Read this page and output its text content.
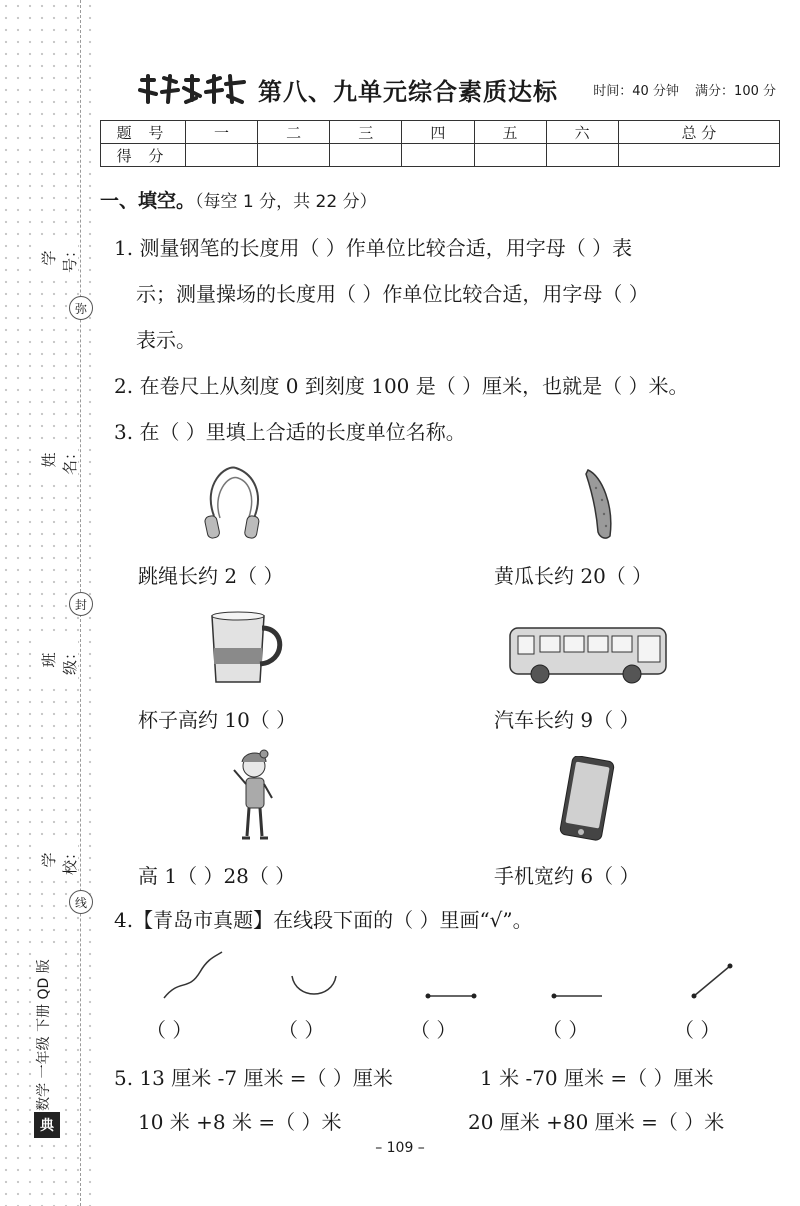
学号：
姓名：
班级：
学校：
弥
封
线
数学 一年级 下册 QD 版
典
第八、九单元综合素质达标	时间：40 分钟 满分：100 分
题 号	一	二	三	四	五	六	总 分
得 分							
一、填空。（每空 1 分，共 22 分）
1. 测量钢笔的长度用（ ）作单位比较合适，用字母（ ）表
示；测量操场的长度用（ ）作单位比较合适，用字母（ ）
表示。
2. 在卷尺上从刻度 0 到刻度 100 是（ ）厘米，也就是（ ）米。
3. 在（ ）里填上合适的长度单位名称。
跳绳长约 2（ ）	黄瓜长约 20（ ）
杯子高约 10（ ）	汽车长约 9（ ）
高 1（ ）28（ ）	手机宽约 6（ ）
4.【青岛市真题】在线段下面的（ ）里画“√”。
（ ）	（ ）	（ ）	（ ）	（ ）
5. 13 厘米 -7 厘米 =（ ）厘米	1 米 -70 厘米 =（ ）厘米
10 米 +8 米 =（ ）米	20 厘米 +80 厘米 =（ ）米
– 109 –
